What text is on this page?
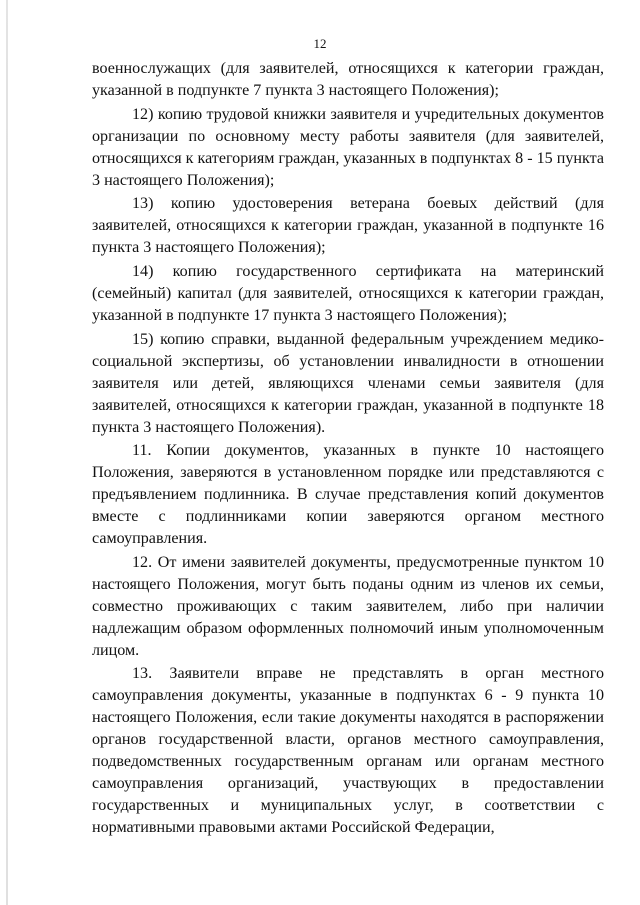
12

военнослужащих (для заявителей, относящихся к категории граждан, указанной в подпункте 7 пункта 3 настоящего Положения);

12) копию трудовой книжки заявителя и учредительных документов организации по основному месту работы заявителя (для заявителей, относящихся к категориям граждан, указанных в подпунктах 8 - 15 пункта 3 настоящего Положения);

13) копию удостоверения ветерана боевых действий (для заявителей, относящихся к категории граждан, указанной в подпункте 16 пункта 3 настоящего Положения);

14) копию государственного сертификата на материнский (семейный) капитал (для заявителей, относящихся к категории граждан, указанной в подпункте 17 пункта 3 настоящего Положения);

15) копию справки, выданной федеральным учреждением медико-социальной экспертизы, об установлении инвалидности в отношении заявителя или детей, являющихся членами семьи заявителя (для заявителей, относящихся к категории граждан, указанной в подпункте 18 пункта 3 настоящего Положения).

11. Копии документов, указанных в пункте 10 настоящего Положения, заверяются в установленном порядке или представляются с предъявлением подлинника. В случае представления копий документов вместе с подлинниками копии заверяются органом местного самоуправления.

12. От имени заявителей документы, предусмотренные пунктом 10 настоящего Положения, могут быть поданы одним из членов их семьи, совместно проживающих с таким заявителем, либо при наличии надлежащим образом оформленных полномочий иным уполномоченным лицом.

13. Заявители вправе не представлять в орган местного самоуправления документы, указанные в подпунктах 6 - 9 пункта 10 настоящего Положения, если такие документы находятся в распоряжении органов государственной власти, органов местного самоуправления, подведомственных государственным органам или органам местного самоуправления организаций, участвующих в предоставлении государственных и муниципальных услуг, в соответствии с нормативными правовыми актами Российской Федерации,
